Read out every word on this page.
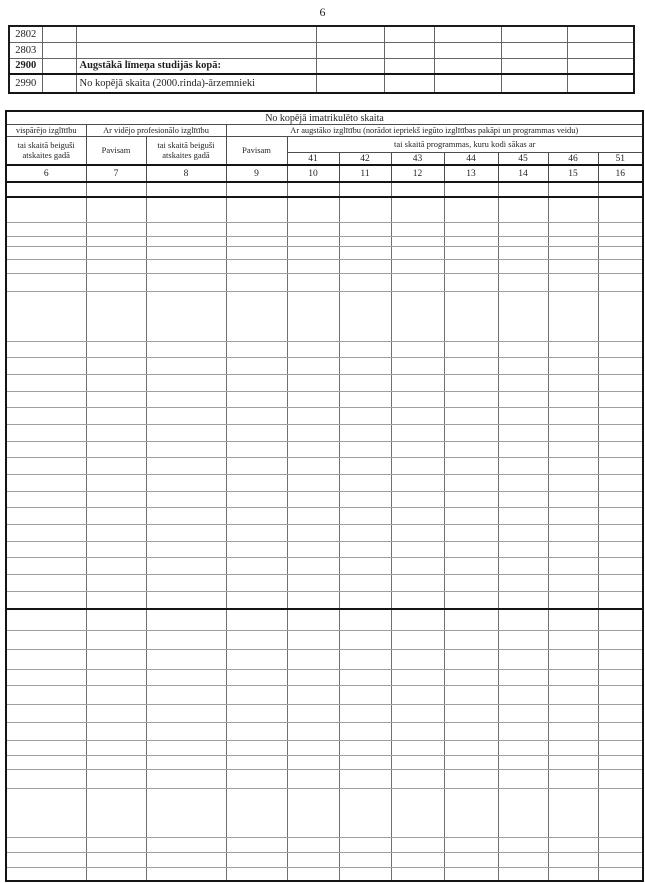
6
2802							
2803							
2900		Augstākā līmeņa studijās kopā:					
2990		No kopējā skaita (2000.rinda)-ārzemnieki					
No kopējā imatrikulēto skaita										
vispārējo izglītību	Ar vidējo profesionālo izglītību		Ar augstāko izglītību (norādot iepriekš iegūto izglītības pakāpi un programmas veidu)							
tai skaitā beiguši atskaites gadā	Pavisam	tai skaitā beiguši atskaites gadā	Pavisam	tai skaitā programmas, kuru kodi sākas ar						
				41	42	43	44	45	46	51
6	7	8	9	10	11	12	13	14	15	16
